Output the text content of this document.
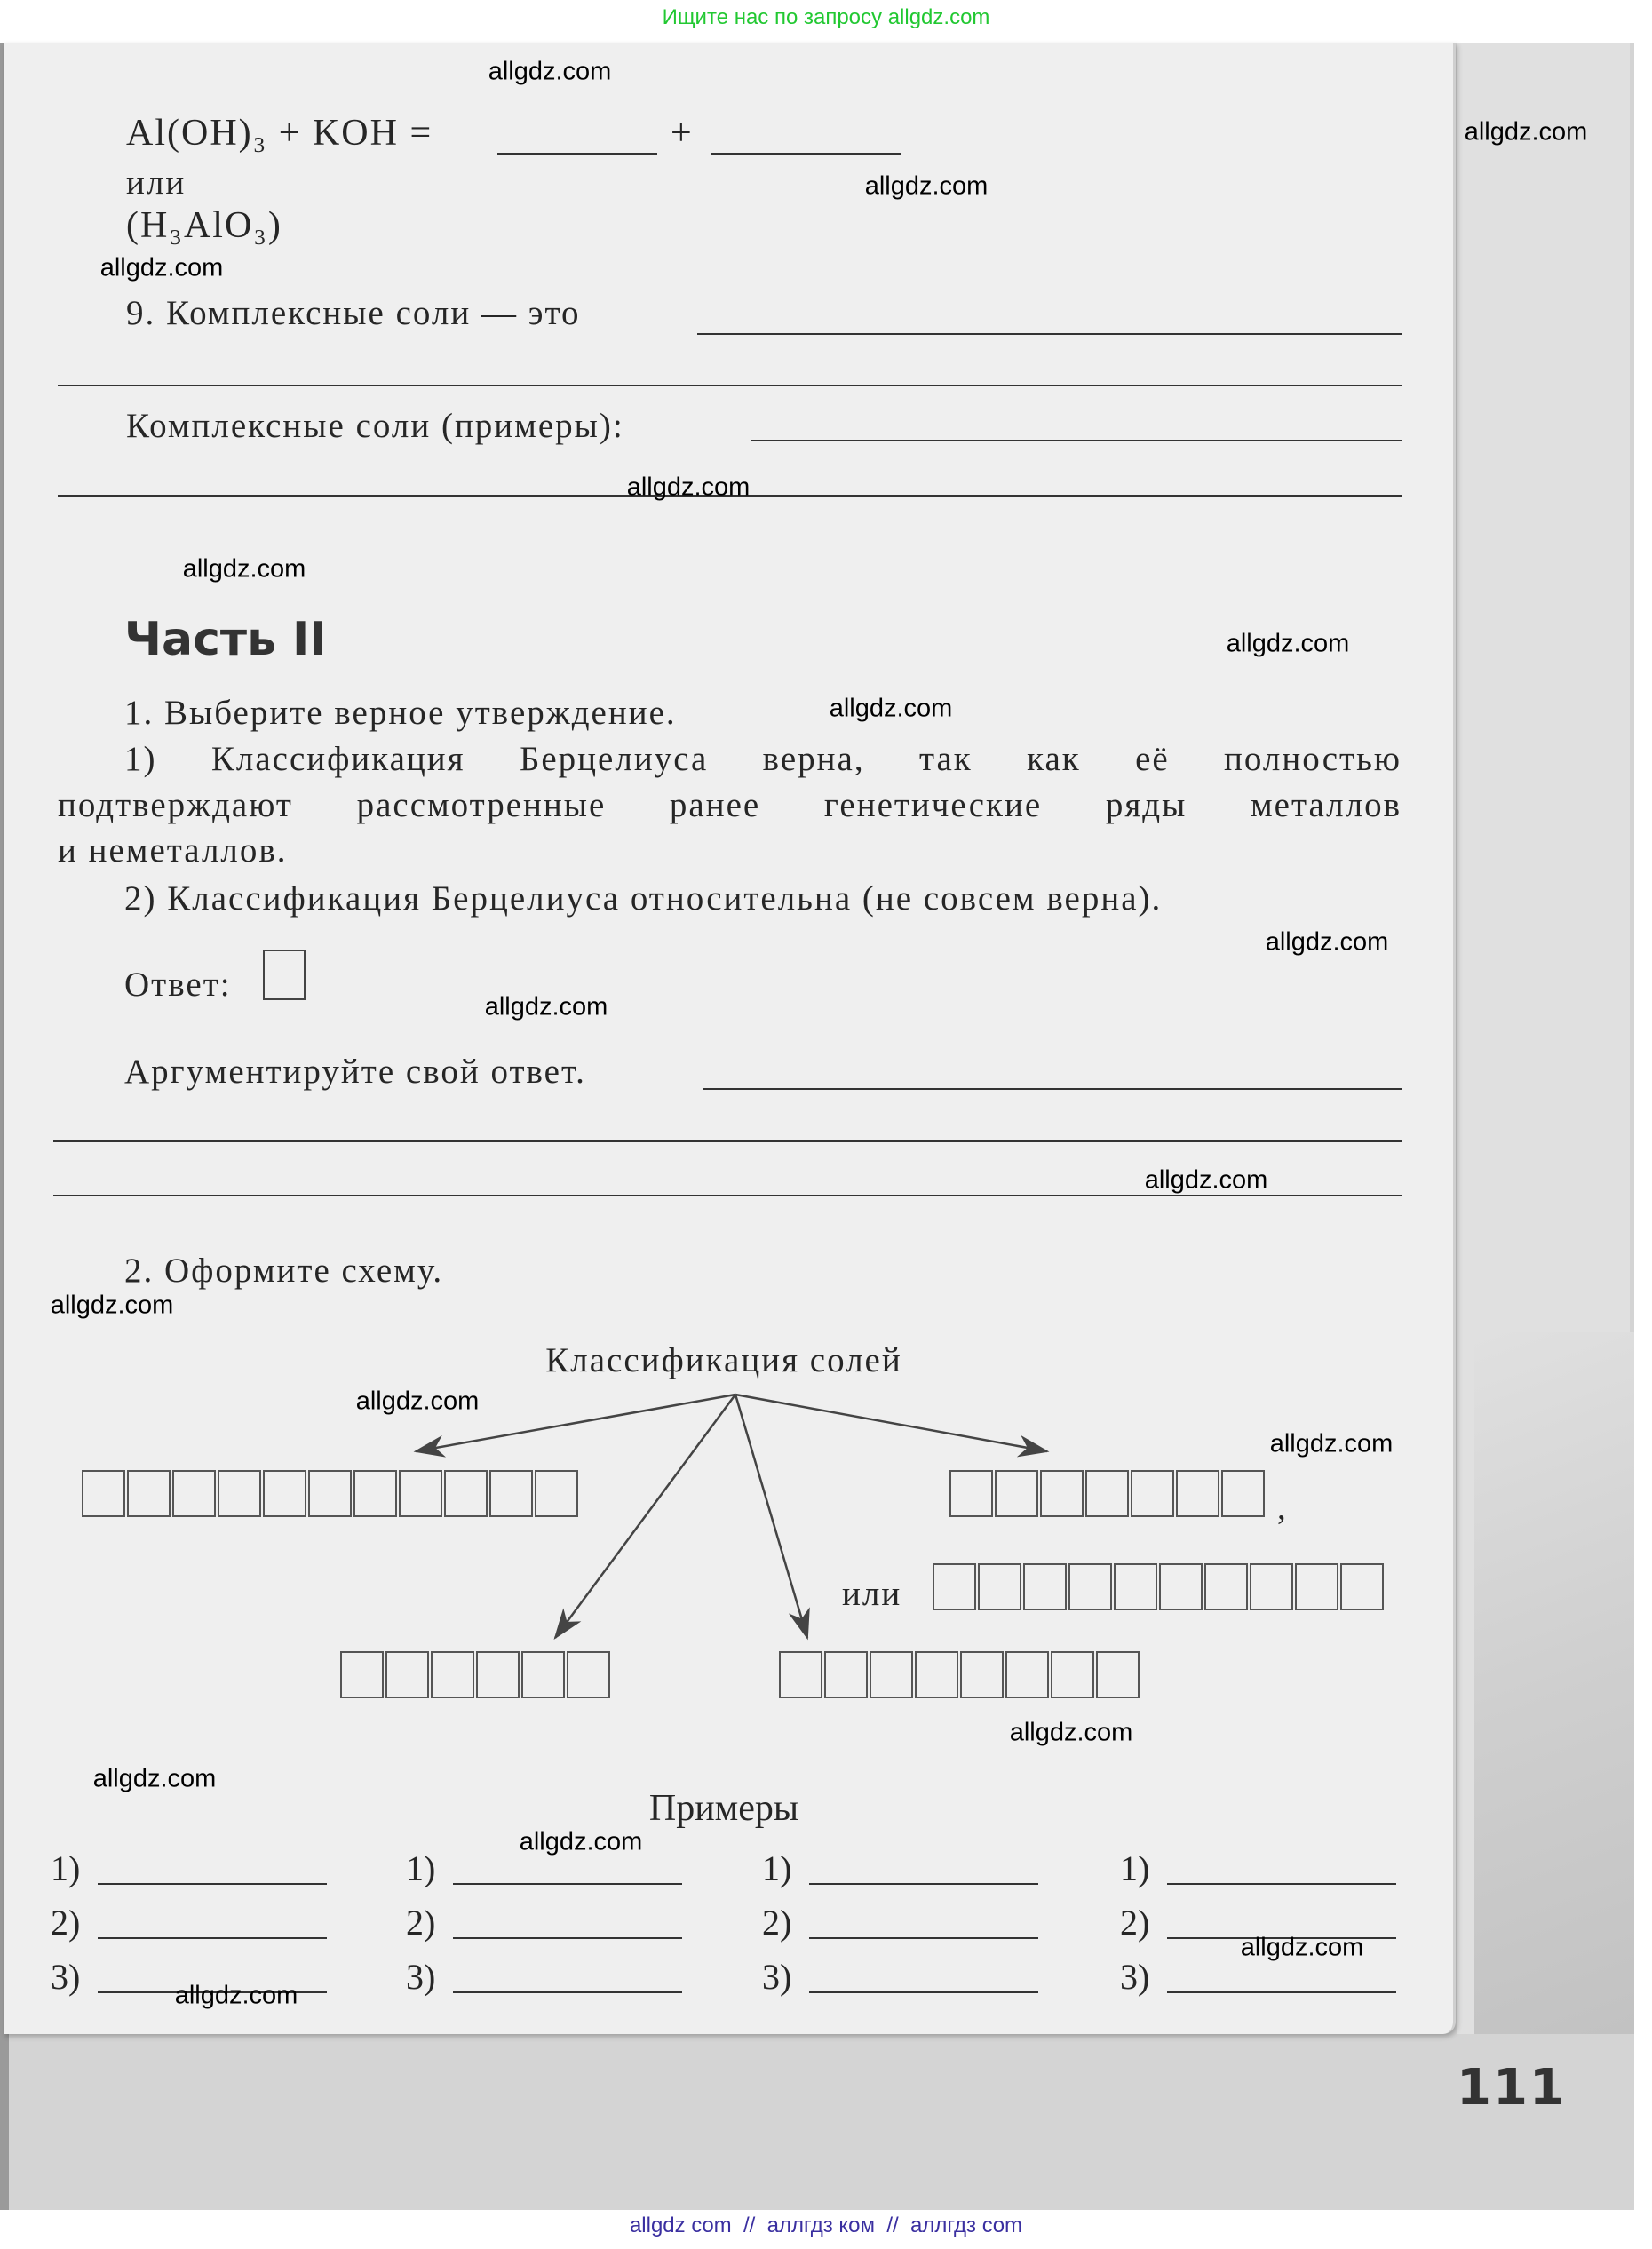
Ищите нас по запросу allgdz.com
Al(OH)₃ + KOH =	+
или
(H₃AlO₃)
9. Комплексные соли — это
Комплексные соли (примеры):
Часть II
1. Выберите верное утверждение.
1) Классификация Берцелиуса верна, так как её полностью
подтверждают рассмотренные ранее генетические ряды металлов
и неметаллов.
2) Классификация Берцелиуса относительна (не совсем верна).
Ответ:
Аргументируйте свой ответ.
2. Оформите схему.
Классификация солей
,
или
Примеры
1)
2)
3)
1)
2)
3)
1)
2)
3)
1)
2)
3)
111
allgdz com  //  аллгдз ком  //  аллгдз com
allgdz.com
allgdz.com
allgdz.com
allgdz.com
allgdz.com
allgdz.com
allgdz.com
allgdz.com
allgdz.com
allgdz.com
allgdz.com
allgdz.com
allgdz.com
allgdz.com
allgdz.com
allgdz.com
allgdz.com
allgdz.com
allgdz.com
